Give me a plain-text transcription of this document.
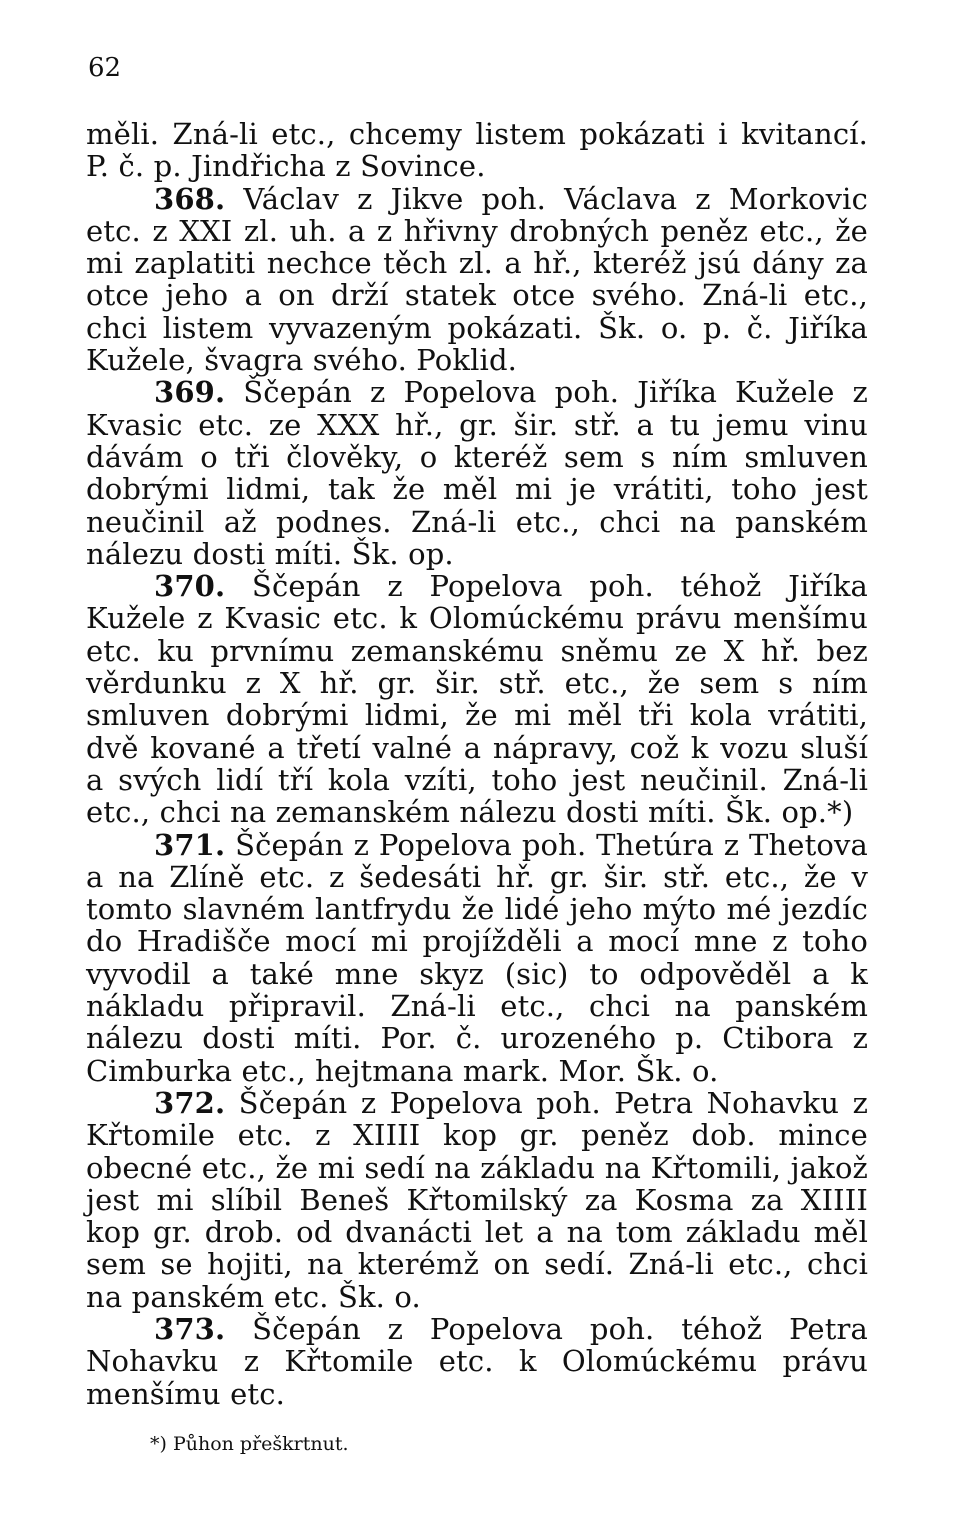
62

měli. Zná-li etc., chcemy listem pokázati i kvitancí. P. č. p. Jindřicha z Sovince.

368. Václav z Jikve poh. Václava z Morkovic etc. z XXI zl. uh. a z hřivny drobných peněz etc., že mi zaplatiti nechce těch zl. a hř., kteréž jsú dány za otce jeho a on drží statek otce svého. Zná-li etc., chci listem vyvazeným pokázati. Šk. o. p. č. Jiříka Kužele, švagra svého. Poklid.

369. Ščepán z Popelova poh. Jiříka Kužele z Kvasic etc. ze XXX hř., gr. šir. stř. a tu jemu vinu dávám o tři člověky, o kteréž sem s ním smluven dobrými lidmi, tak že měl mi je vrátiti, toho jest neučinil až podnes. Zná-li etc., chci na panském nálezu dosti míti. Šk. op.

370. Ščepán z Popelova poh. téhož Jiříka Kužele z Kvasic etc. k Olomúckému právu menšímu etc. ku prvnímu zemanskému sněmu ze X hř. bez věrdunku z X hř. gr. šir. stř. etc., že sem s ním smluven dobrými lidmi, že mi měl tři kola vrátiti, dvě kované a třetí valné a nápravy, což k vozu sluší a svých lidí tří kola vzíti, toho jest neučinil. Zná-li etc., chci na zemanském nálezu dosti míti. Šk. op.*)

371. Ščepán z Popelova poh. Thetúra z Thetova a na Zlíně etc. z šedesáti hř. gr. šir. stř. etc., že v tomto slavném lantfrydu že lidé jeho mýto mé jezdíc do Hradišče mocí mi projížděli a mocí mne z toho vyvodil a také mne skyz (sic) to odpověděl a k nákladu připravil. Zná-li etc., chci na panském nálezu dosti míti. Por. č. urozeného p. Ctibora z Cimburka etc., hejtmana mark. Mor. Šk. o.

372. Ščepán z Popelova poh. Petra Nohavku z Křtomile etc. z XIIII kop gr. peněz dob. mince obecné etc., že mi sedí na základu na Křtomili, jakož jest mi slíbil Beneš Křtomilský za Kosma za XIIII kop gr. drob. od dvanácti let a na tom základu měl sem se hojiti, na kterémž on sedí. Zná-li etc., chci na panském etc. Šk. o.

373. Ščepán z Popelova poh. téhož Petra Nohavku z Křtomile etc. k Olomúckému právu menšímu etc.

*) Půhon přeškrtnut.
